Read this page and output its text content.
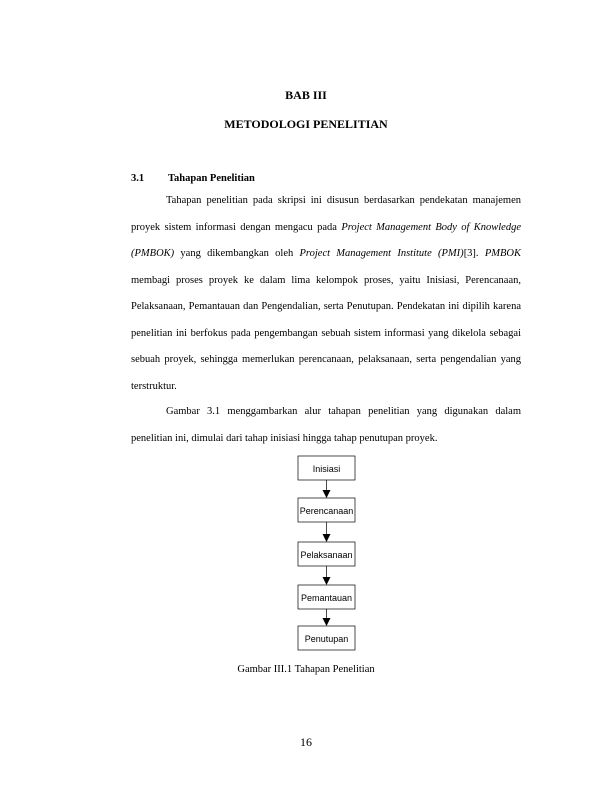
BAB III
METODOLOGI PENELITIAN
3.1 Tahapan Penelitian

Tahapan penelitian pada skripsi ini disusun berdasarkan pendekatan manajemen proyek sistem informasi dengan mengacu pada Project Management Body of Knowledge (PMBOK) yang dikembangkan oleh Project Management Institute (PMI)[3]. PMBOK membagi proses proyek ke dalam lima kelompok proses, yaitu Inisiasi, Perencanaan, Pelaksanaan, Pemantauan dan Pengendalian, serta Penutupan. Pendekatan ini dipilih karena penelitian ini berfokus pada pengembangan sebuah sistem informasi yang dikelola sebagai sebuah proyek, sehingga memerlukan perencanaan, pelaksanaan, serta pengendalian yang terstruktur.

Gambar 3.1 menggambarkan alur tahapan penelitian yang digunakan dalam penelitian ini, dimulai dari tahap inisiasi hingga tahap penutupan proyek.

Inisiasi
Perencanaan
Pelaksanaan
Pemantauan
Penutupan
Gambar III.1 Tahapan Penelitian
16
